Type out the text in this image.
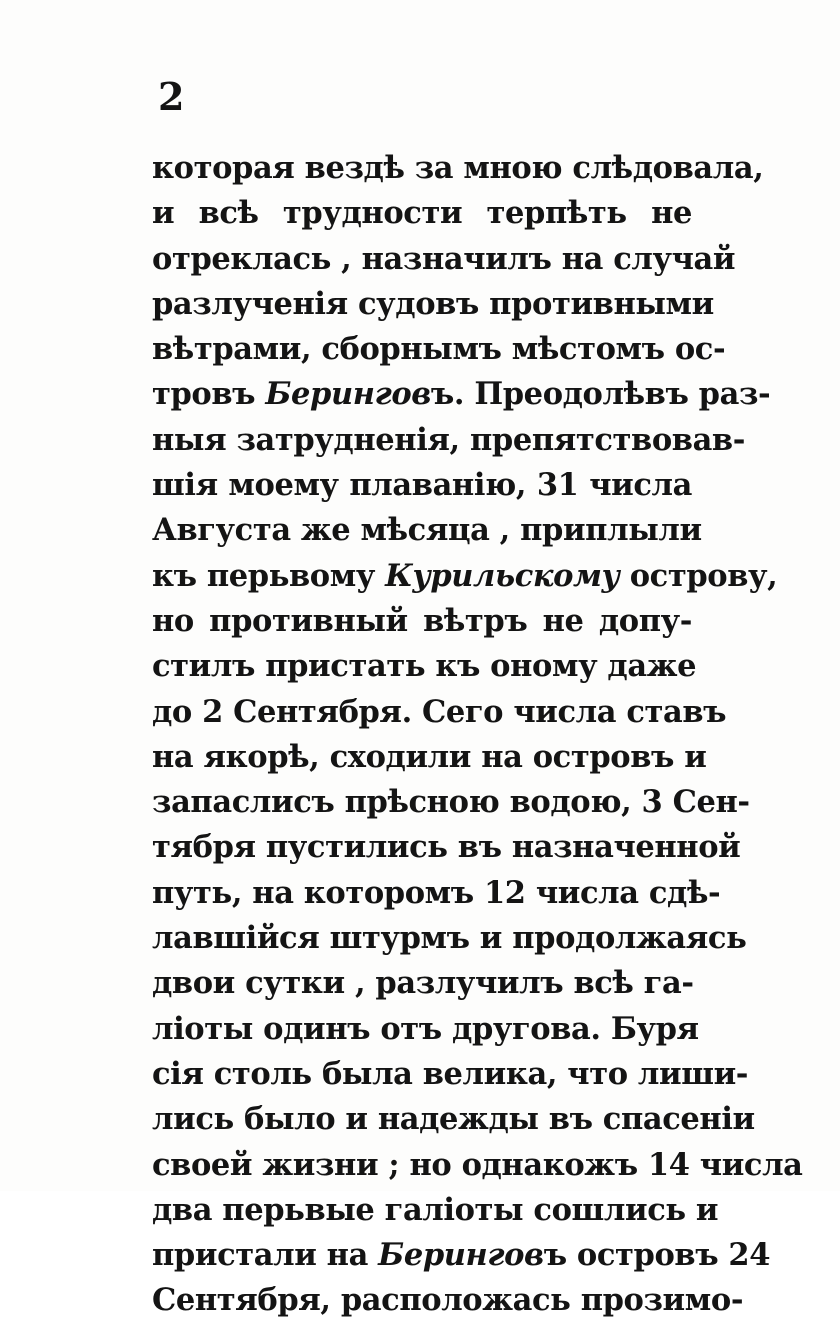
2
которая вездѣ за мною слѣдовала,
и всѣ трудности терпѣть не
отреклась , назначилъ на случай
разлученія судовъ противными
вѣтрами, сборнымъ мѣстомъ ос-
тровъ Беринговъ. Преодолѣвъ раз-
ныя затрудненія, препятствовав-
шія моему плаванію, 31 числа
Августа же мѣсяца , приплыли
къ перьвому Курильскому острову,
но противный вѣтръ не допу-
стилъ пристать къ оному даже
до 2 Сентября. Сего числа ставъ
на якорѣ, сходили на островъ и
запаслисъ прѣсною водою, 3 Сен-
тября пустились въ назначенной
путь, на которомъ 12 числа сдѣ-
лавшійся штурмъ и продолжаясь
двои сутки , разлучилъ всѣ га-
ліоты одинъ отъ другова. Буря
сія столь была велика, что лиши-
лись было и надежды въ спасеніи
своей жизни ; но однакожъ 14 числа
два перьвые галіоты сошлись и
пристали на Беринговъ островъ 24
Сентября, расположась прозимо-
